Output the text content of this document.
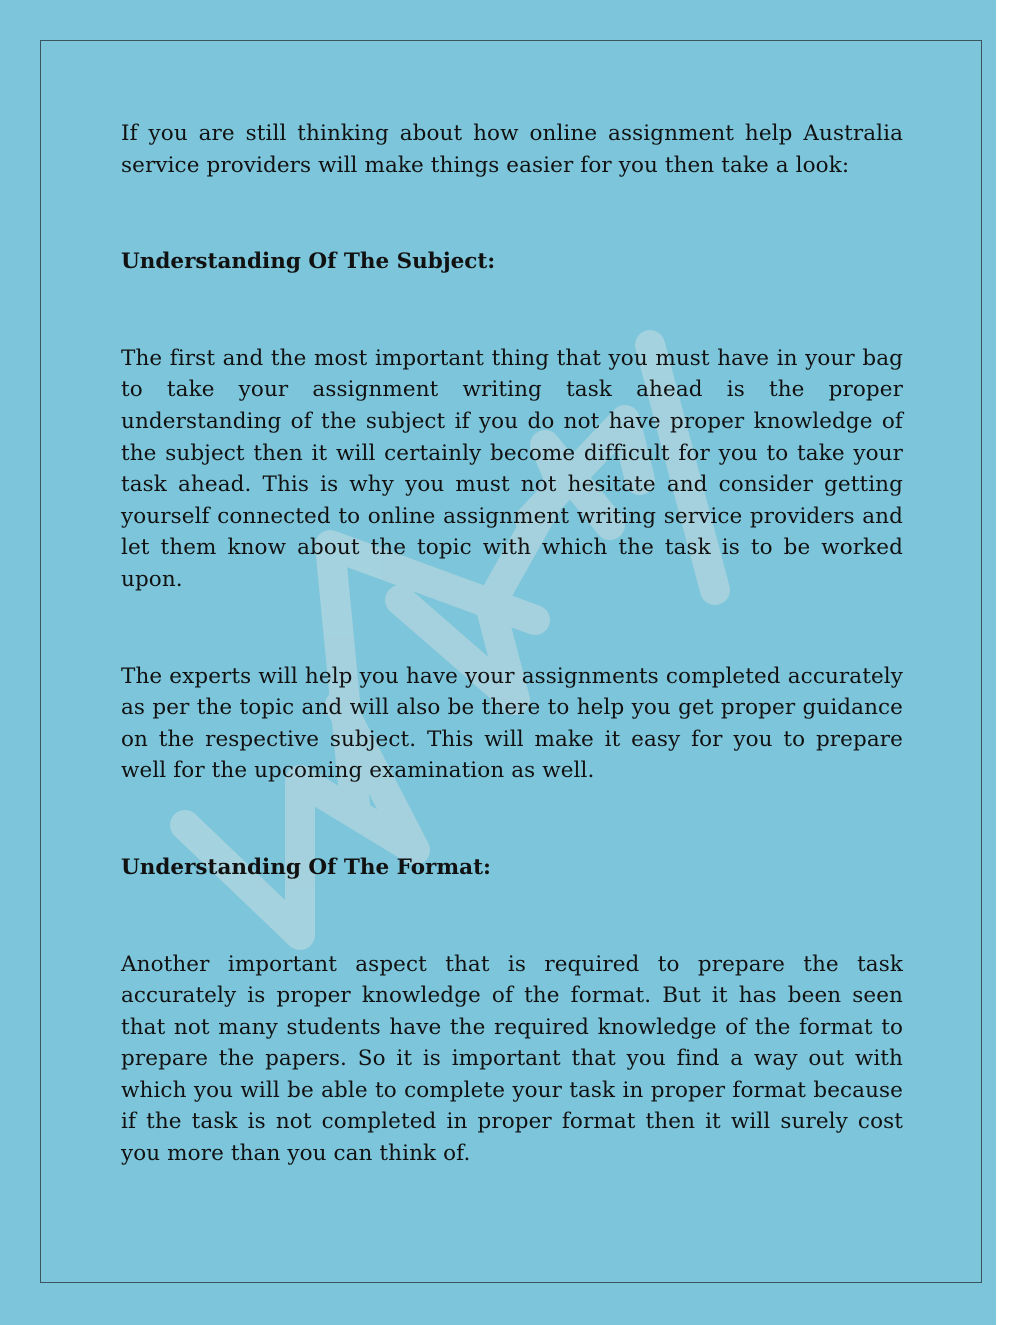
If you are still thinking about how online assignment help Australia service providers will make things easier for you then take a look:

Understanding Of The Subject:

The first and the most important thing that you must have in your bag to take your assignment writing task ahead is the proper understanding of the subject if you do not have proper knowledge of the subject then it will certainly become difficult for you to take your task ahead. This is why you must not hesitate and consider getting yourself connected to online assignment writing service providers and let them know about the topic with which the task is to be worked upon.

The experts will help you have your assignments completed accurately as per the topic and will also be there to help you get proper guidance on the respective subject. This will make it easy for you to prepare well for the upcoming examination as well.

Understanding Of The Format:

Another important aspect that is required to prepare the task accurately is proper knowledge of the format. But it has been seen that not many students have the required knowledge of the format to prepare the papers. So it is important that you find a way out with which you will be able to complete your task in proper format because if the task is not completed in proper format then it will surely cost you more than you can think of.
